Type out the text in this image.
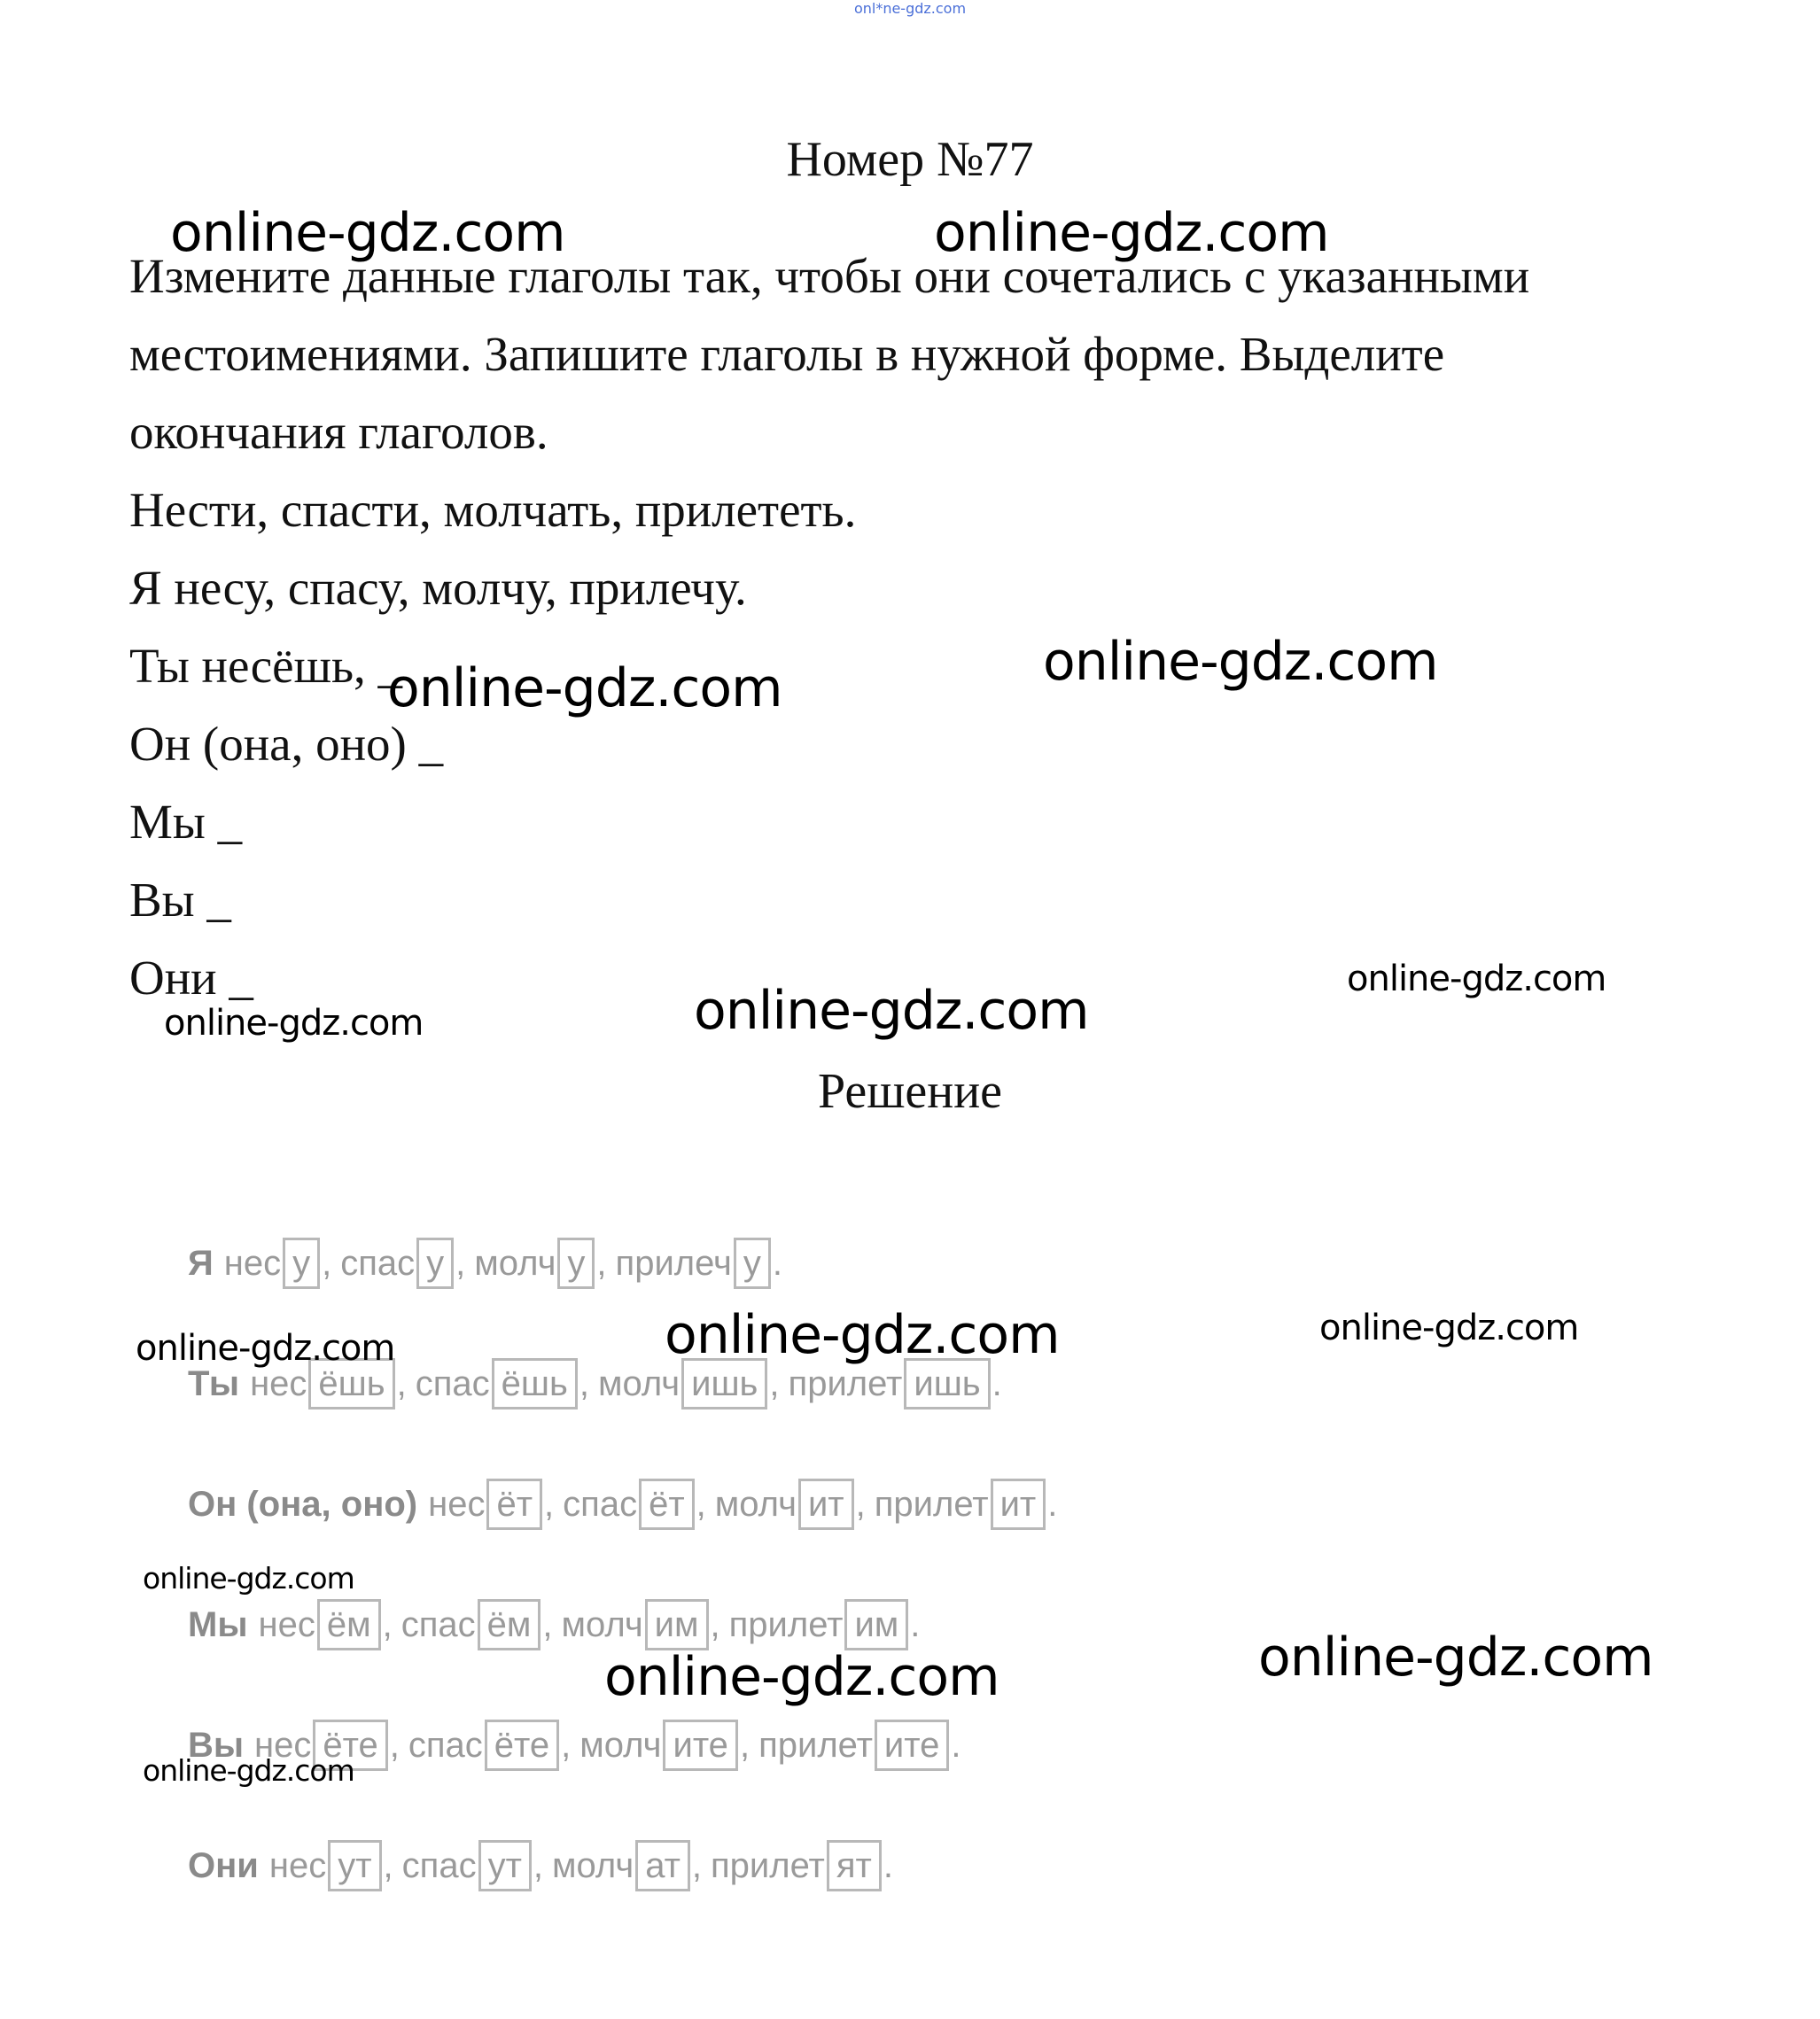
onl*ne-gdz.com
Номер №77
Измените данные глаголы так, чтобы они сочетались с указанными
местоимениями. Запишите глаголы в нужной форме. Выделите
окончания глаголов.
Нести, спасти, молчать, прилететь.
Я несу, спасу, молчу, прилечу.
Ты несёшь, _
Он (она, оно) _
Мы _
Вы _
Они _
Решение
Я нес у , спас у , молч у , прилеч у .
Ты нес ёшь , спас ёшь , молч ишь , прилет ишь .
Он (она, оно) нес ёт , спас ёт , молч ит , прилет ит .
Мы нес ём , спас ём , молч им , прилет им .
Вы нес ёте , спас ёте , молч ите , прилет ите .
Они нес ут , спас ут , молч ат , прилет ят .
online-gdz.com	online-gdz.com
online-gdz.com	online-gdz.com
online-gdz.com
online-gdz.com	online-gdz.com
online-gdz.com	online-gdz.com	online-gdz.com
online-gdz.com
online-gdz.com	online-gdz.com
online-gdz.com
